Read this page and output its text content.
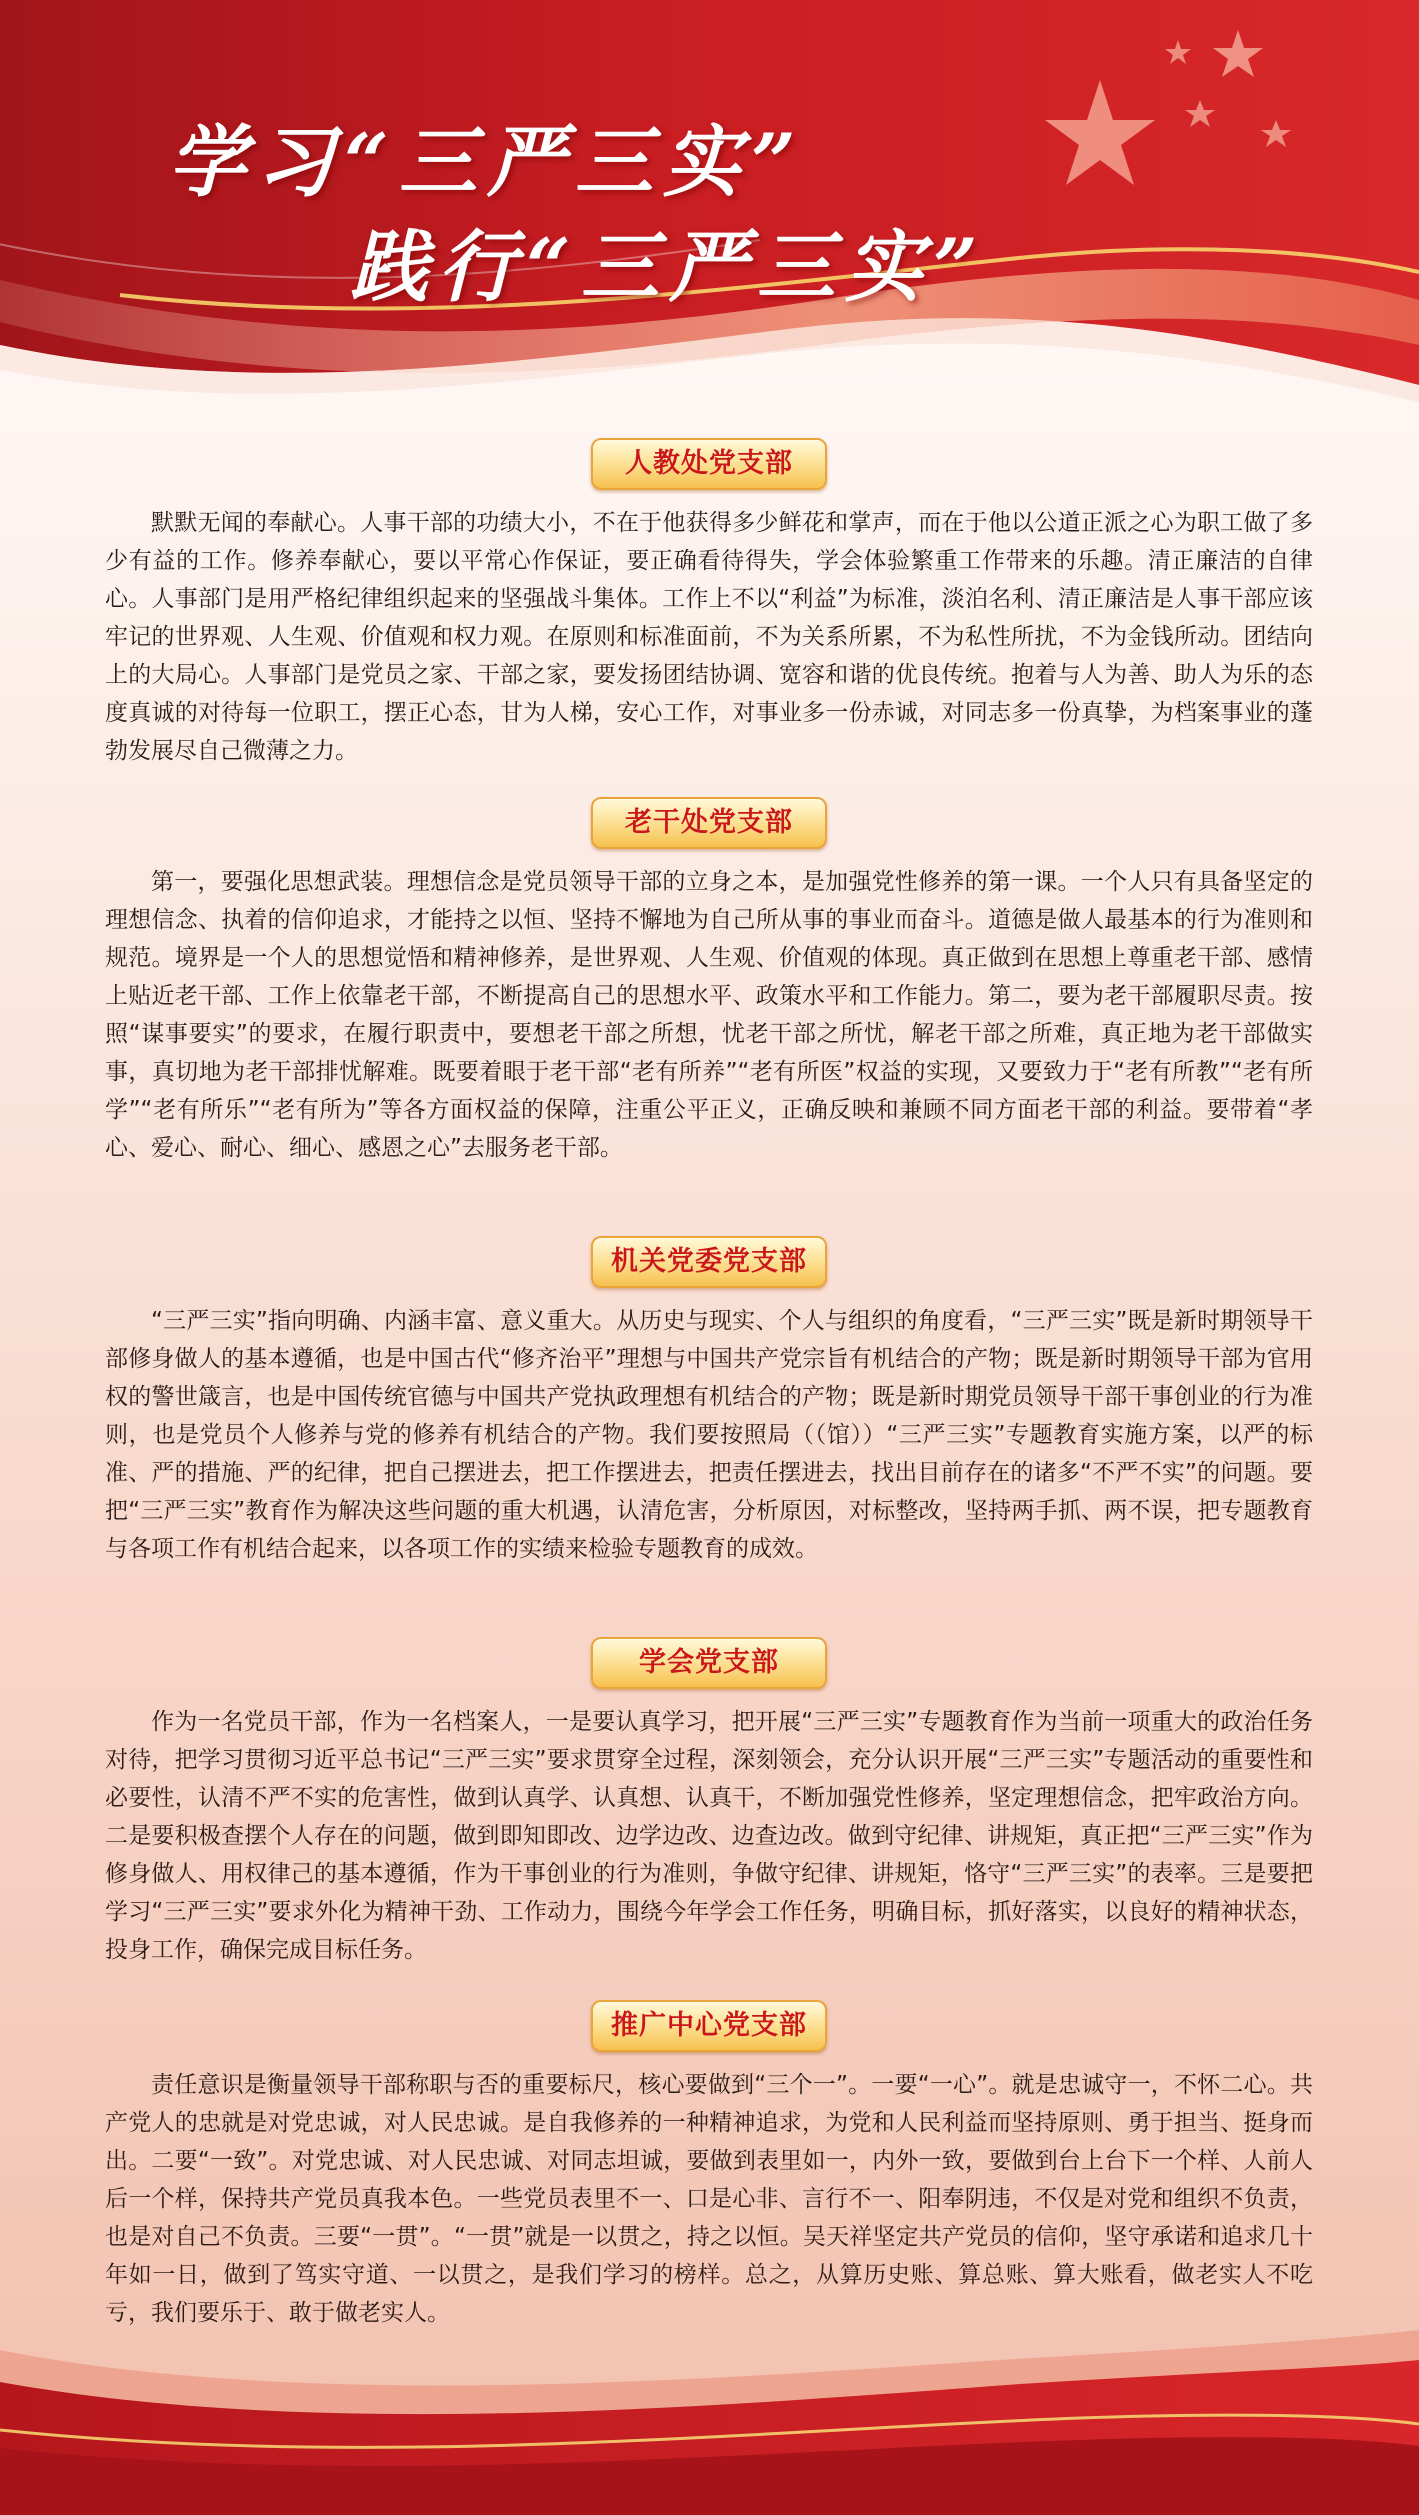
学习“三严三实”
践行“三严三实”
人教处党支部

默默无闻的奉献心。人事干部的功绩大小，不在于他获得多少鲜花和掌声，而在于他以公道正派之心为职工做了多少有益的工作。修养奉献心，要以平常心作保证，要正确看待得失，学会体验繁重工作带来的乐趣。清正廉洁的自律心。人事部门是用严格纪律组织起来的坚强战斗集体。工作上不以“利益”为标准，淡泊名利、清正廉洁是人事干部应该牢记的世界观、人生观、价值观和权力观。在原则和标准面前，不为关系所累，不为私性所扰，不为金钱所动。团结向上的大局心。人事部门是党员之家、干部之家，要发扬团结协调、宽容和谐的优良传统。抱着与人为善、助人为乐的态度真诚的对待每一位职工，摆正心态，甘为人梯，安心工作，对事业多一份赤诚，对同志多一份真挚，为档案事业的蓬勃发展尽自己微薄之力。

老干处党支部

第一，要强化思想武装。理想信念是党员领导干部的立身之本，是加强党性修养的第一课。一个人只有具备坚定的理想信念、执着的信仰追求，才能持之以恒、坚持不懈地为自己所从事的事业而奋斗。道德是做人最基本的行为准则和规范。境界是一个人的思想觉悟和精神修养，是世界观、人生观、价值观的体现。真正做到在思想上尊重老干部、感情上贴近老干部、工作上依靠老干部，不断提高自己的思想水平、政策水平和工作能力。第二，要为老干部履职尽责。按照“谋事要实”的要求，在履行职责中，要想老干部之所想，忧老干部之所忧，解老干部之所难，真正地为老干部做实事，真切地为老干部排忧解难。既要着眼于老干部“老有所养”“老有所医”权益的实现，又要致力于“老有所教”“老有所学”“老有所乐”“老有所为”等各方面权益的保障，注重公平正义，正确反映和兼顾不同方面老干部的利益。要带着“孝心、爱心、耐心、细心、感恩之心”去服务老干部。

机关党委党支部

“三严三实”指向明确、内涵丰富、意义重大。从历史与现实、个人与组织的角度看，“三严三实”既是新时期领导干部修身做人的基本遵循，也是中国古代“修齐治平”理想与中国共产党宗旨有机结合的产物；既是新时期领导干部为官用权的警世箴言，也是中国传统官德与中国共产党执政理想有机结合的产物；既是新时期党员领导干部干事创业的行为准则，也是党员个人修养与党的修养有机结合的产物。我们要按照局（（馆））“三严三实”专题教育实施方案，以严的标准、严的措施、严的纪律，把自己摆进去，把工作摆进去，把责任摆进去，找出目前存在的诸多“不严不实”的问题。要把“三严三实”教育作为解决这些问题的重大机遇，认清危害，分析原因，对标整改，坚持两手抓、两不误，把专题教育与各项工作有机结合起来，以各项工作的实绩来检验专题教育的成效。

学会党支部

作为一名党员干部，作为一名档案人，一是要认真学习，把开展“三严三实”专题教育作为当前一项重大的政治任务对待，把学习贯彻习近平总书记“三严三实”要求贯穿全过程，深刻领会，充分认识开展“三严三实”专题活动的重要性和必要性，认清不严不实的危害性，做到认真学、认真想、认真干，不断加强党性修养，坚定理想信念，把牢政治方向。二是要积极查摆个人存在的问题，做到即知即改、边学边改、边查边改。做到守纪律、讲规矩，真正把“三严三实”作为修身做人、用权律己的基本遵循，作为干事创业的行为准则，争做守纪律、讲规矩，恪守“三严三实”的表率。三是要把学习“三严三实”要求外化为精神干劲、工作动力，围绕今年学会工作任务，明确目标，抓好落实，以良好的精神状态，投身工作，确保完成目标任务。

推广中心党支部

责任意识是衡量领导干部称职与否的重要标尺，核心要做到“三个一”。一要“一心”。就是忠诚守一，不怀二心。共产党人的忠就是对党忠诚，对人民忠诚。是自我修养的一种精神追求，为党和人民利益而坚持原则、勇于担当、挺身而出。二要“一致”。对党忠诚、对人民忠诚、对同志坦诚，要做到表里如一，内外一致，要做到台上台下一个样、人前人后一个样，保持共产党员真我本色。一些党员表里不一、口是心非、言行不一、阳奉阴违，不仅是对党和组织不负责，也是对自己不负责。三要“一贯”。“一贯”就是一以贯之，持之以恒。吴天祥坚定共产党员的信仰，坚守承诺和追求几十年如一日，做到了笃实守道、一以贯之，是我们学习的榜样。总之，从算历史账、算总账、算大账看，做老实人不吃亏，我们要乐于、敢于做老实人。
